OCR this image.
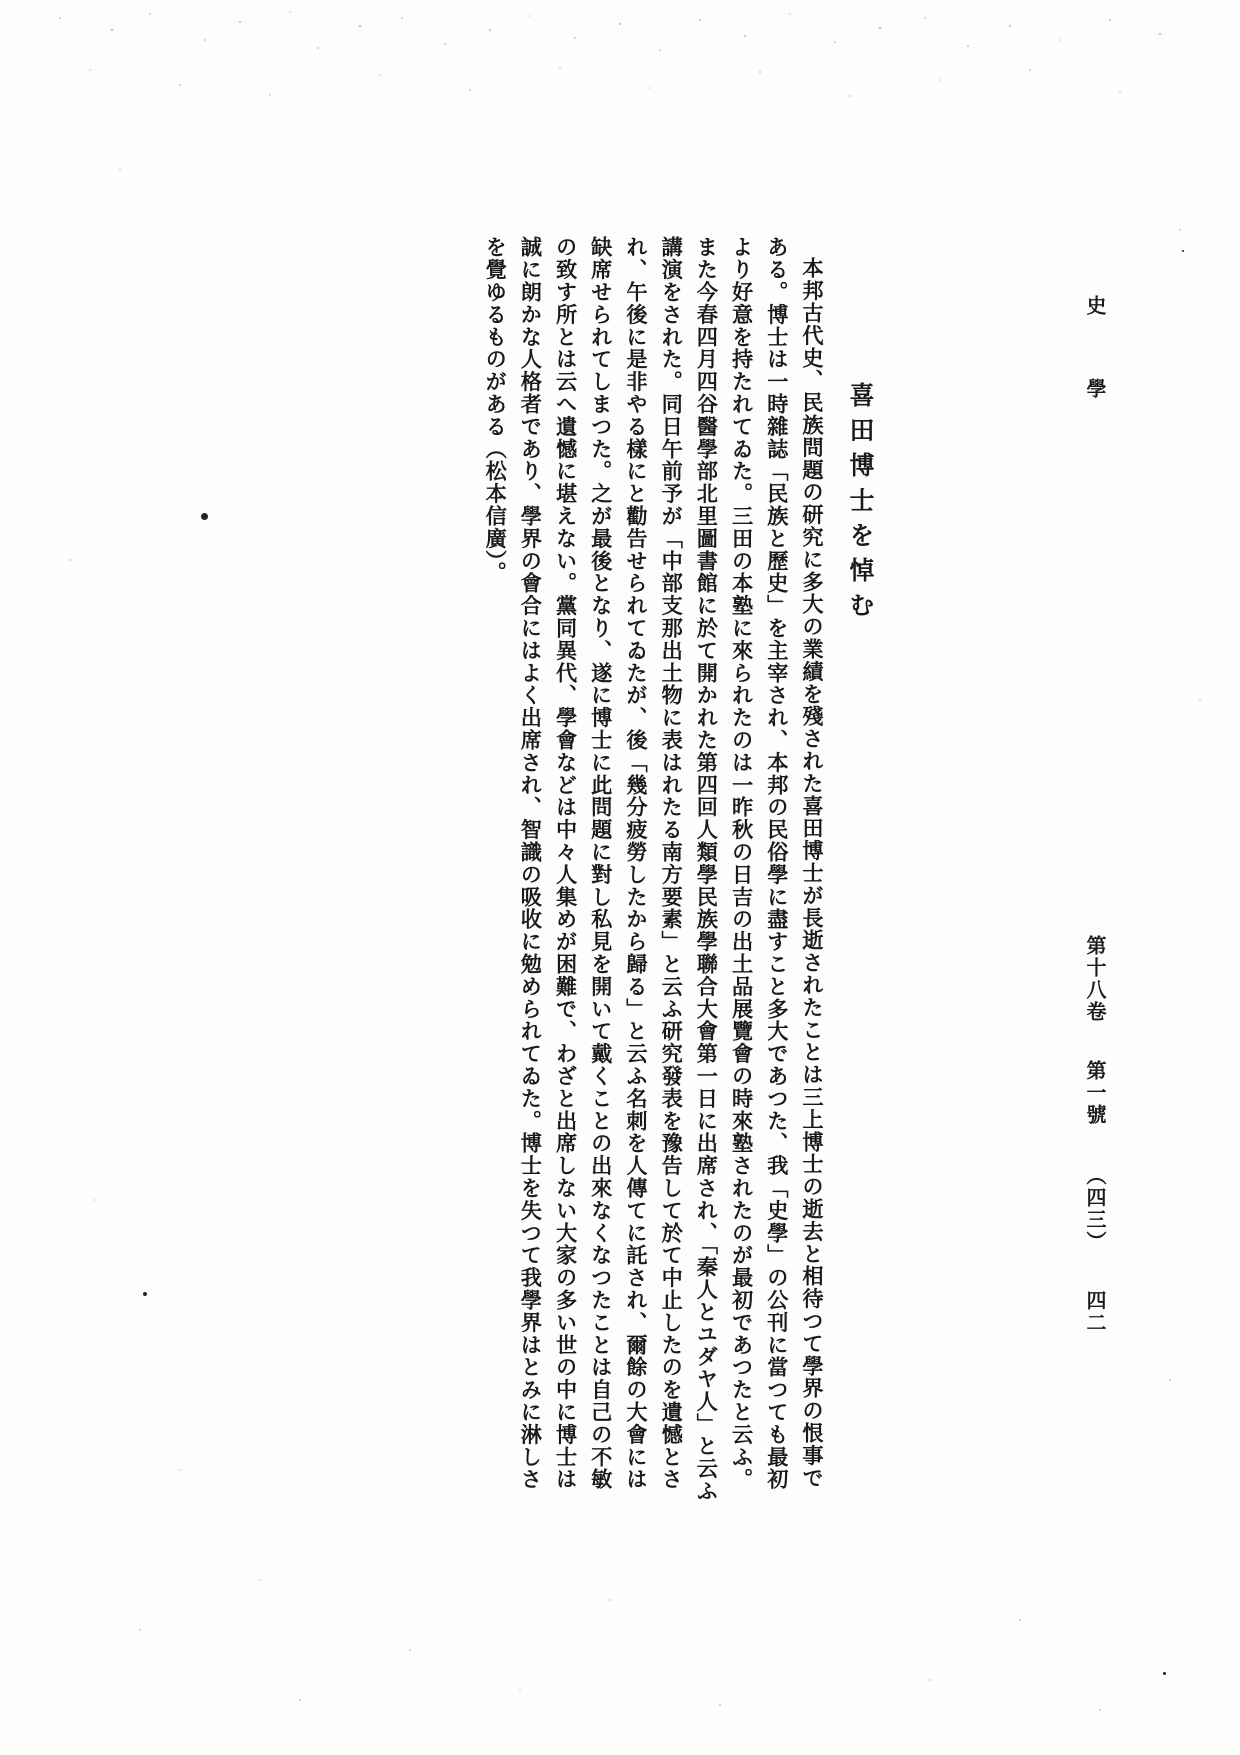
史
學
第十八卷
第一號
（四三）
四二
喜田博士を悼む

本邦古代史、民族問題の研究に多大の業績を殘された喜田博士が長逝されたことは三上博士の逝去と相待つて學界の恨事である。博士は一時雜誌「民族と歷史」を主宰され、本邦の民俗學に盡すこと多大であつた、我「史學」の公刊に當つても最初より好意を持たれてゐた。三田の本塾に來られたのは一昨秋の日吉の出土品展覽會の時來塾されたのが最初であつたと云ふ。また今春四月四谷醫學部北里圖書館に於て開かれた第四回人類學民族學聯合大會第一日に出席され、「秦人とユダヤ人」と云ふ講演をされた。同日午前予が「中部支那出土物に表はれたる南方要素」と云ふ研究發表を豫告して於て中止したのを遺憾とされ、午後に是非やる樣にと勸告せられてゐたが、後「幾分疲勞したから歸る」と云ふ名刺を人傳てに託され、爾餘の大會には缺席せられてしまつた。之が最後となり、遂に博士に此問題に對し私見を開いて戴くことの出來なくなつたことは自己の不敏の致す所とは云へ遺憾に堪えない。黨同異代、學會などは中々人集めが困難で、わざと出席しない大家の多い世の中に博士は誠に朗かな人格者であり、學界の會合にはよく出席され、智識の吸收に勉められてゐた。博士を失つて我學界はとみに淋しさを覺ゆるものがある（松本信廣）。
